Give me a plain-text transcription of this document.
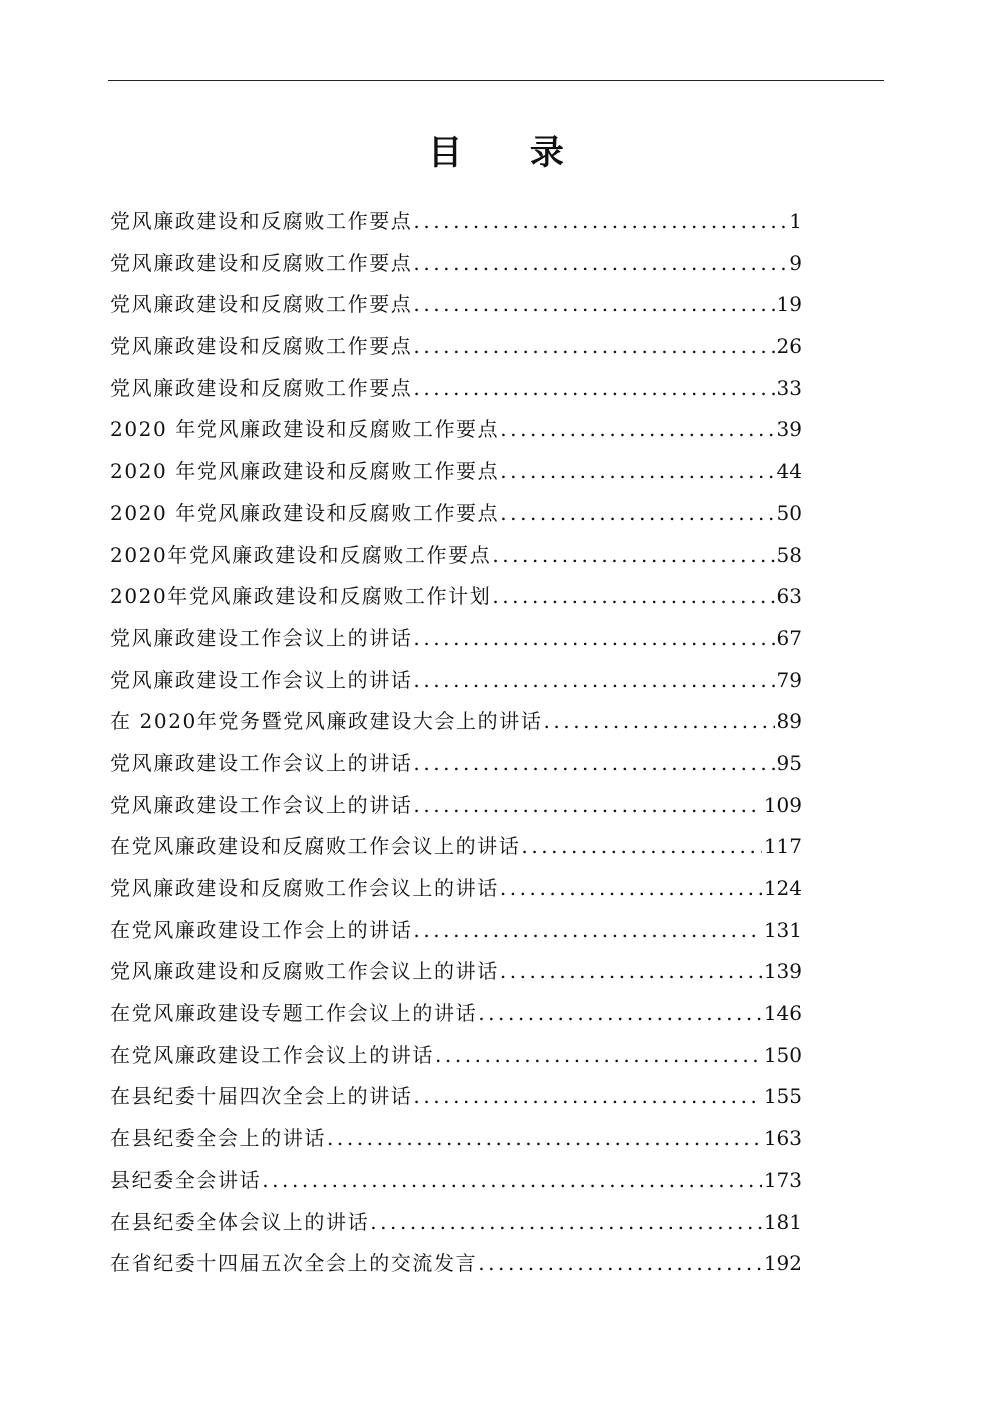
目 录
党风廉政建设和反腐败工作要点 . . .	1
党风廉政建设和反腐败工作要点 . . .	9
党风廉政建设和反腐败工作要点 . . .	19
党风廉政建设和反腐败工作要点 . . .	26
党风廉政建设和反腐败工作要点 . . .	33
2020 年党风廉政建设和反腐败工作要点 . . .	39
2020 年党风廉政建设和反腐败工作要点 . . .	44
2020 年党风廉政建设和反腐败工作要点 . . .	50
2020年党风廉政建设和反腐败工作要点 . . .	58
2020年党风廉政建设和反腐败工作计划 . . .	63
党风廉政建设工作会议上的讲话 . . .	67
党风廉政建设工作会议上的讲话 . . .	79
在 2020年党务暨党风廉政建设大会上的讲话 . . .	89
党风廉政建设工作会议上的讲话 . . .	95
党风廉政建设工作会议上的讲话 . . .	109
在党风廉政建设和反腐败工作会议上的讲话 . . .	117
党风廉政建设和反腐败工作会议上的讲话 . . .	124
在党风廉政建设工作会上的讲话 . . .	131
党风廉政建设和反腐败工作会议上的讲话 . . .	139
在党风廉政建设专题工作会议上的讲话 . . .	146
在党风廉政建设工作会议上的讲话 . . .	150
在县纪委十届四次全会上的讲话 . . .	155
在县纪委全会上的讲话 . . .	163
县纪委全会讲话 . . .	173
在县纪委全体会议上的讲话 . . .	181
在省纪委十四届五次全会上的交流发言 . . .	192
